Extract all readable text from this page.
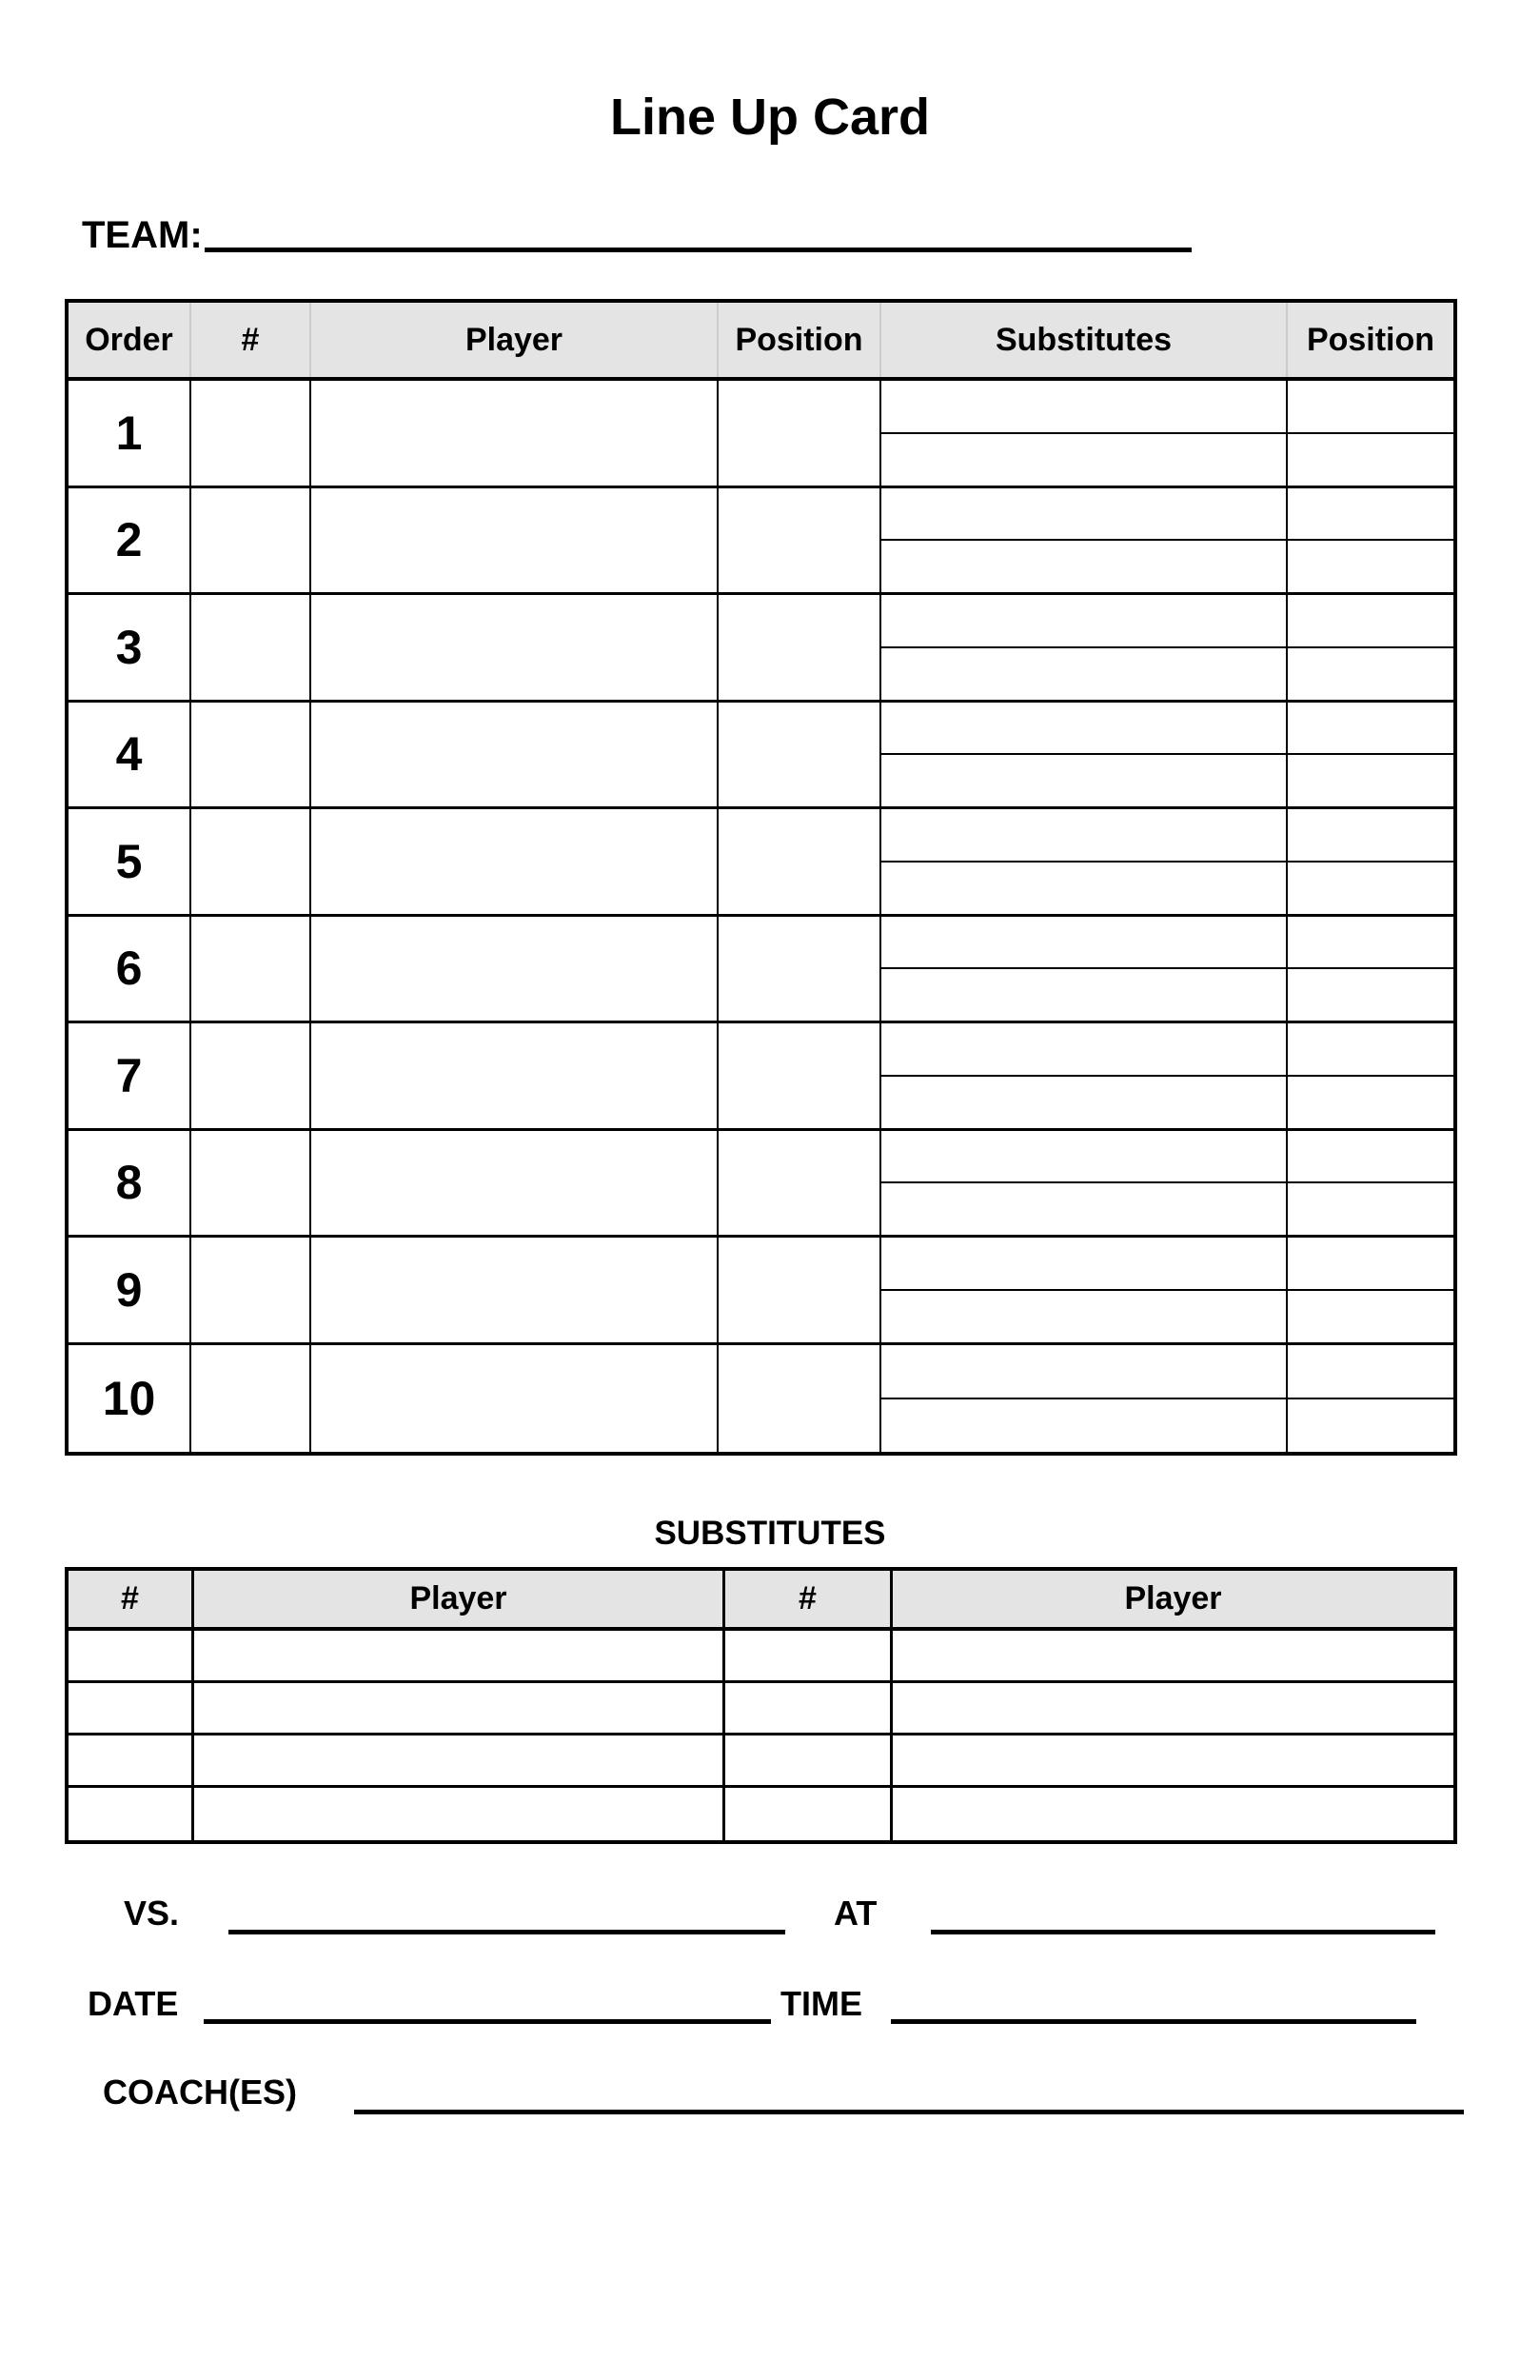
Line Up Card
TEAM:
Order	#	Player	Position	Substitutes	Position
1
2
3
4
5
6
7
8
9
10
SUBSTITUTES
#	Player	#	Player
VS.	AT
DATE	TIME
COACH(ES)
